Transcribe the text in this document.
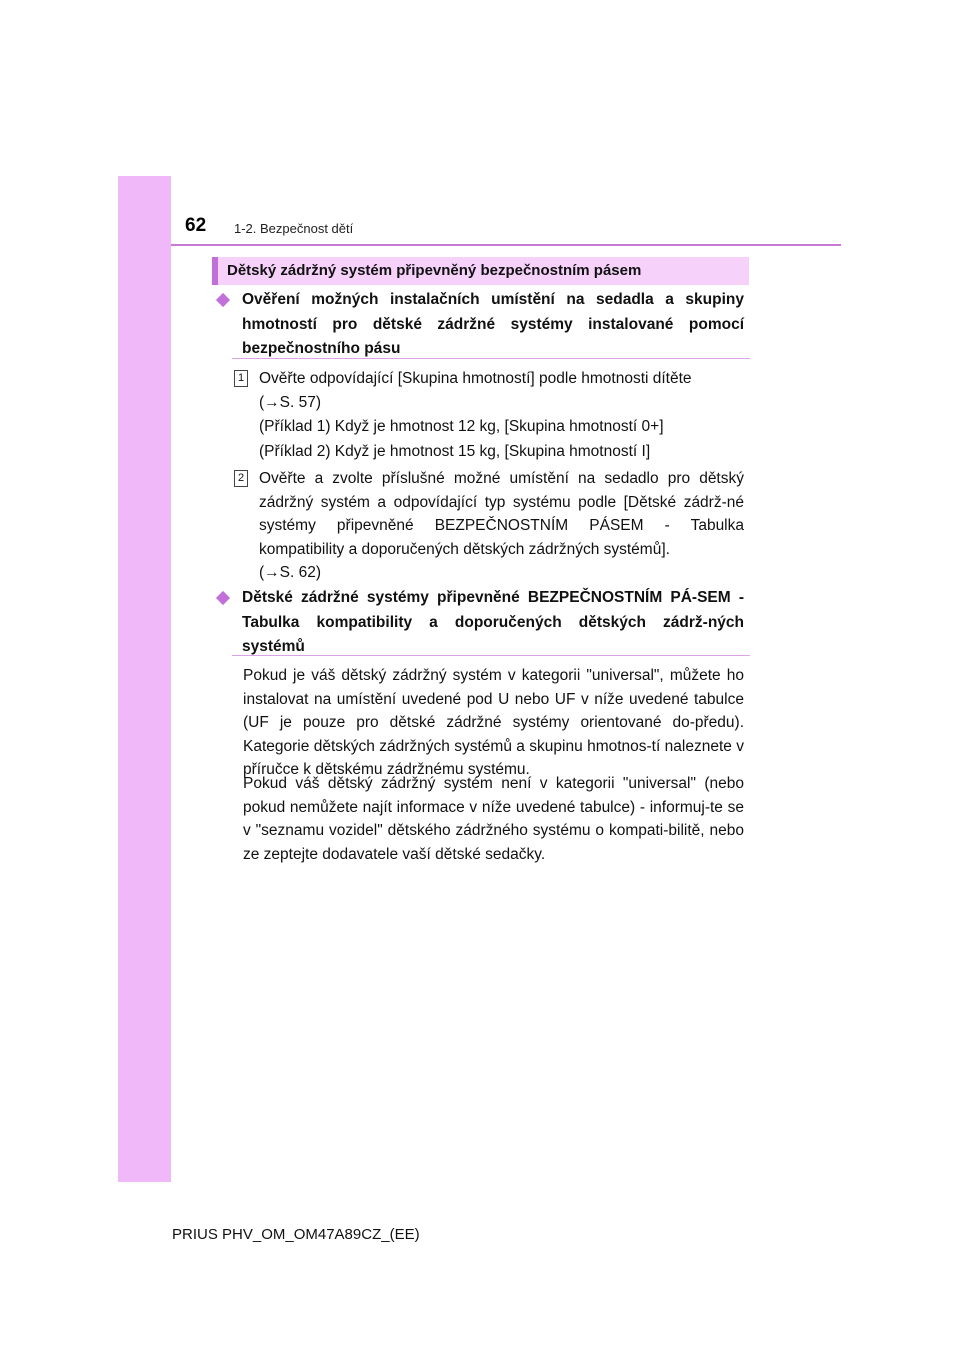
62 1-2. Bezpečnost dětí
Dětský zádržný systém připevněný bezpečnostním pásem
Ověření možných instalačních umístění na sedadla a skupiny hmotností pro dětské zádržné systémy instalované pomocí bezpečnostního pásu
1 Ověřte odpovídající [Skupina hmotností] podle hmotnosti dítěte
(→S. 57)
(Příklad 1) Když je hmotnost 12 kg, [Skupina hmotností 0+]
(Příklad 2) Když je hmotnost 15 kg, [Skupina hmotností I]
2 Ověřte a zvolte příslušné možné umístění na sedadlo pro dětský zádržný systém a odpovídající typ systému podle [Dětské zádrž-né systémy připevněné BEZPEČNOSTNÍM PÁSEM - Tabulka kompatibility a doporučených dětských zádržných systémů].
(→S. 62)
Dětské zádržné systémy připevněné BEZPEČNOSTNÍM PÁ-SEM - Tabulka kompatibility a doporučených dětských zádrž-ných systémů
Pokud je váš dětský zádržný systém v kategorii "universal", můžete ho instalovat na umístění uvedené pod U nebo UF v níže uvedené tabulce (UF je pouze pro dětské zádržné systémy orientované do-předu). Kategorie dětských zádržných systémů a skupinu hmotnos-tí naleznete v příručce k dětskému zádržnému systému.
Pokud váš dětský zádržný systém není v kategorii "universal" (nebo pokud nemůžete najít informace v níže uvedené tabulce) - informuj-te se v "seznamu vozidel" dětského zádržného systému o kompati-bilitě, nebo ze zeptejte dodavatele vaší dětské sedačky.
PRIUS PHV_OM_OM47A89CZ_(EE)
